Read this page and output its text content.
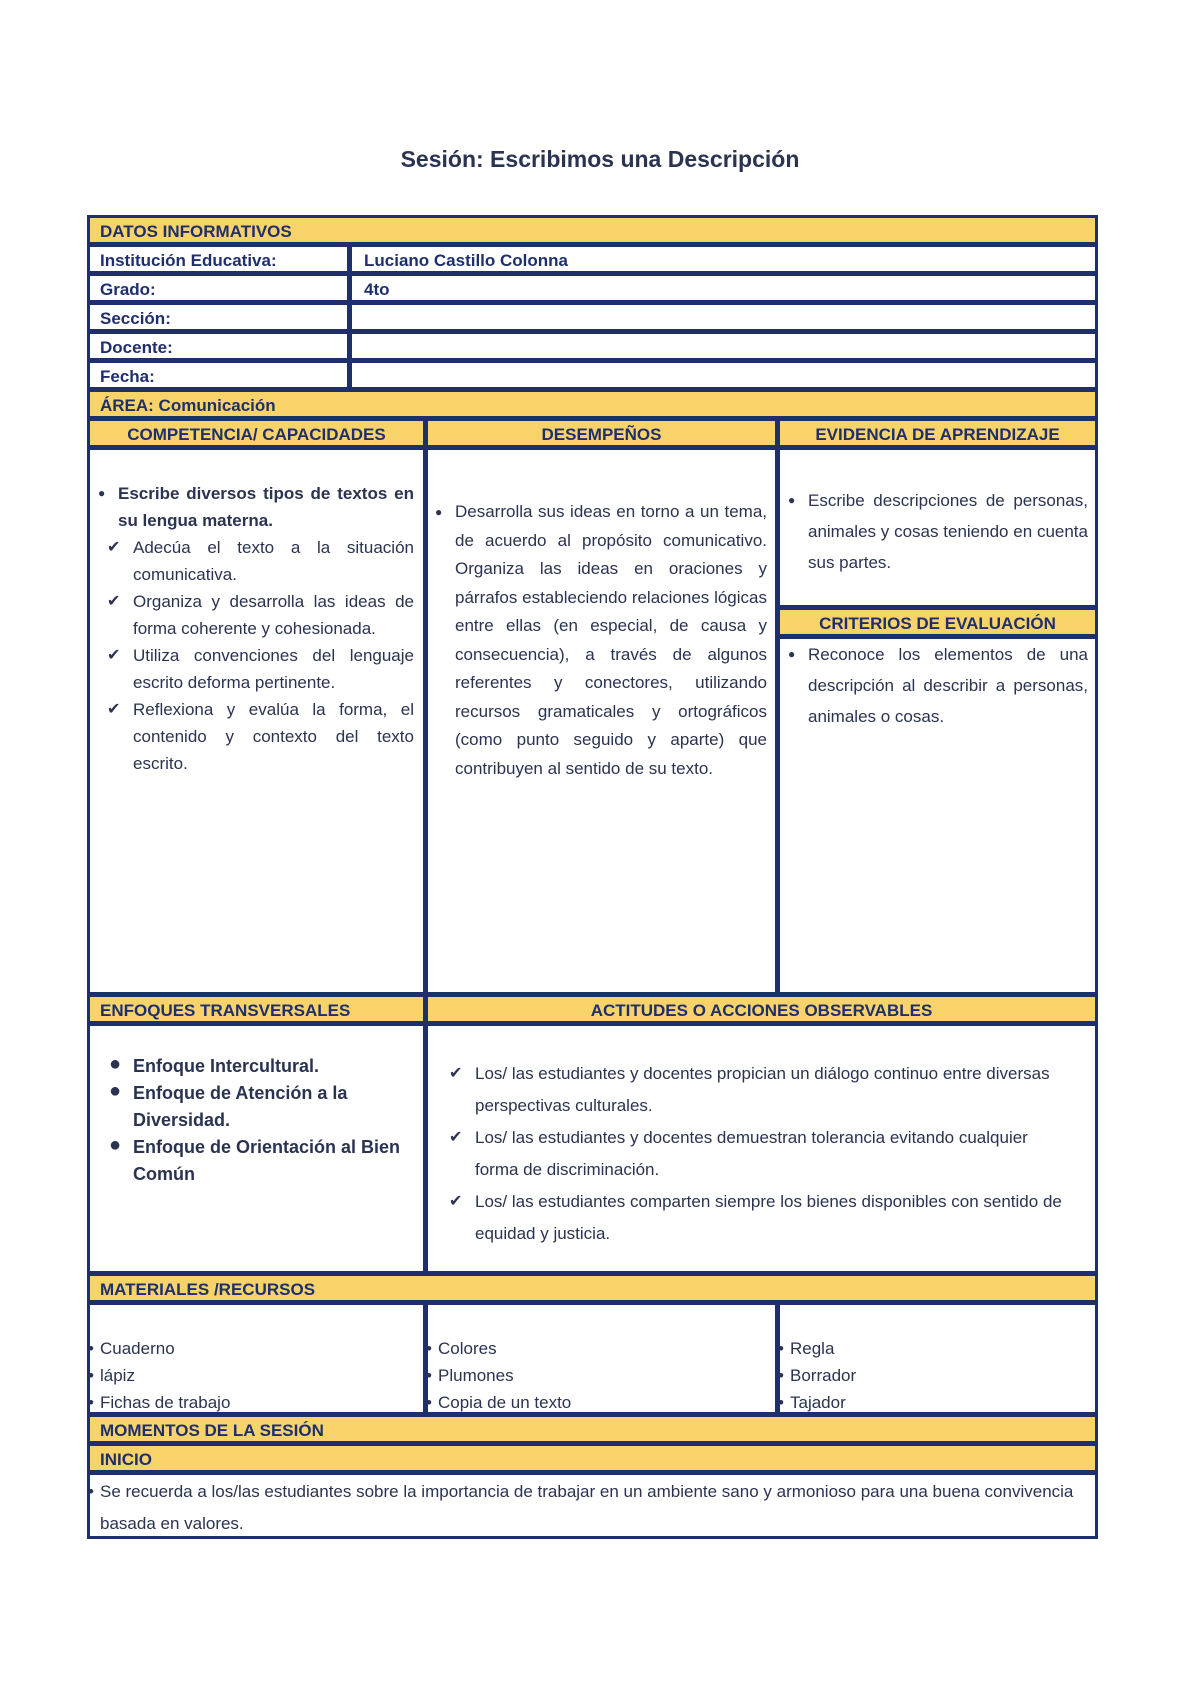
Sesión: Escribimos una Descripción
DATOS INFORMATIVOS
Institución Educativa:	Luciano Castillo Colonna
Grado:	4to
Sección:
Docente:
Fecha:
ÁREA: Comunicación
COMPETENCIA/ CAPACIDADES	DESEMPEÑOS	EVIDENCIA DE APRENDIZAJE
CRITERIOS DE EVALUACIÓN
● Escribe diversos tipos de textos en su lengua materna.
✔ Adecúa el texto a la situación comunicativa.
✔ Organiza y desarrolla las ideas de forma coherente y cohesionada.
✔ Utiliza convenciones del lenguaje escrito deforma pertinente.
✔ Reflexiona y evalúa la forma, el contenido y contexto del texto escrito.
● Desarrolla sus ideas en torno a un tema, de acuerdo al propósito comunicativo. Organiza las ideas en oraciones y párrafos estableciendo relaciones lógicas entre ellas (en especial, de causa y consecuencia), a través de algunos referentes y conectores, utilizando recursos gramaticales y ortográficos (como punto seguido y aparte) que contribuyen al sentido de su texto.
● Escribe descripciones de personas, animales y cosas teniendo en cuenta sus partes.
● Reconoce los elementos de una descripción al describir a personas, animales o cosas.
ENFOQUES TRANSVERSALES	ACTITUDES O ACCIONES OBSERVABLES
● Enfoque Intercultural.
● Enfoque de Atención a la Diversidad.
● Enfoque de Orientación al Bien Común
✔ Los/ las estudiantes y docentes propician un diálogo continuo entre diversas perspectivas culturales.
✔ Los/ las estudiantes y docentes demuestran tolerancia evitando cualquier forma de discriminación.
✔ Los/ las estudiantes comparten siempre los bienes disponibles con sentido de equidad y justicia.
MATERIALES /RECURSOS
• Cuaderno
• lápiz
• Fichas de trabajo
• Colores
• Plumones
• Copia de un texto
• Regla
• Borrador
• Tajador
MOMENTOS DE LA SESIÓN
INICIO
• Se recuerda a los/las estudiantes sobre la importancia de trabajar en un ambiente sano y armonioso para una buena convivencia basada en valores.
